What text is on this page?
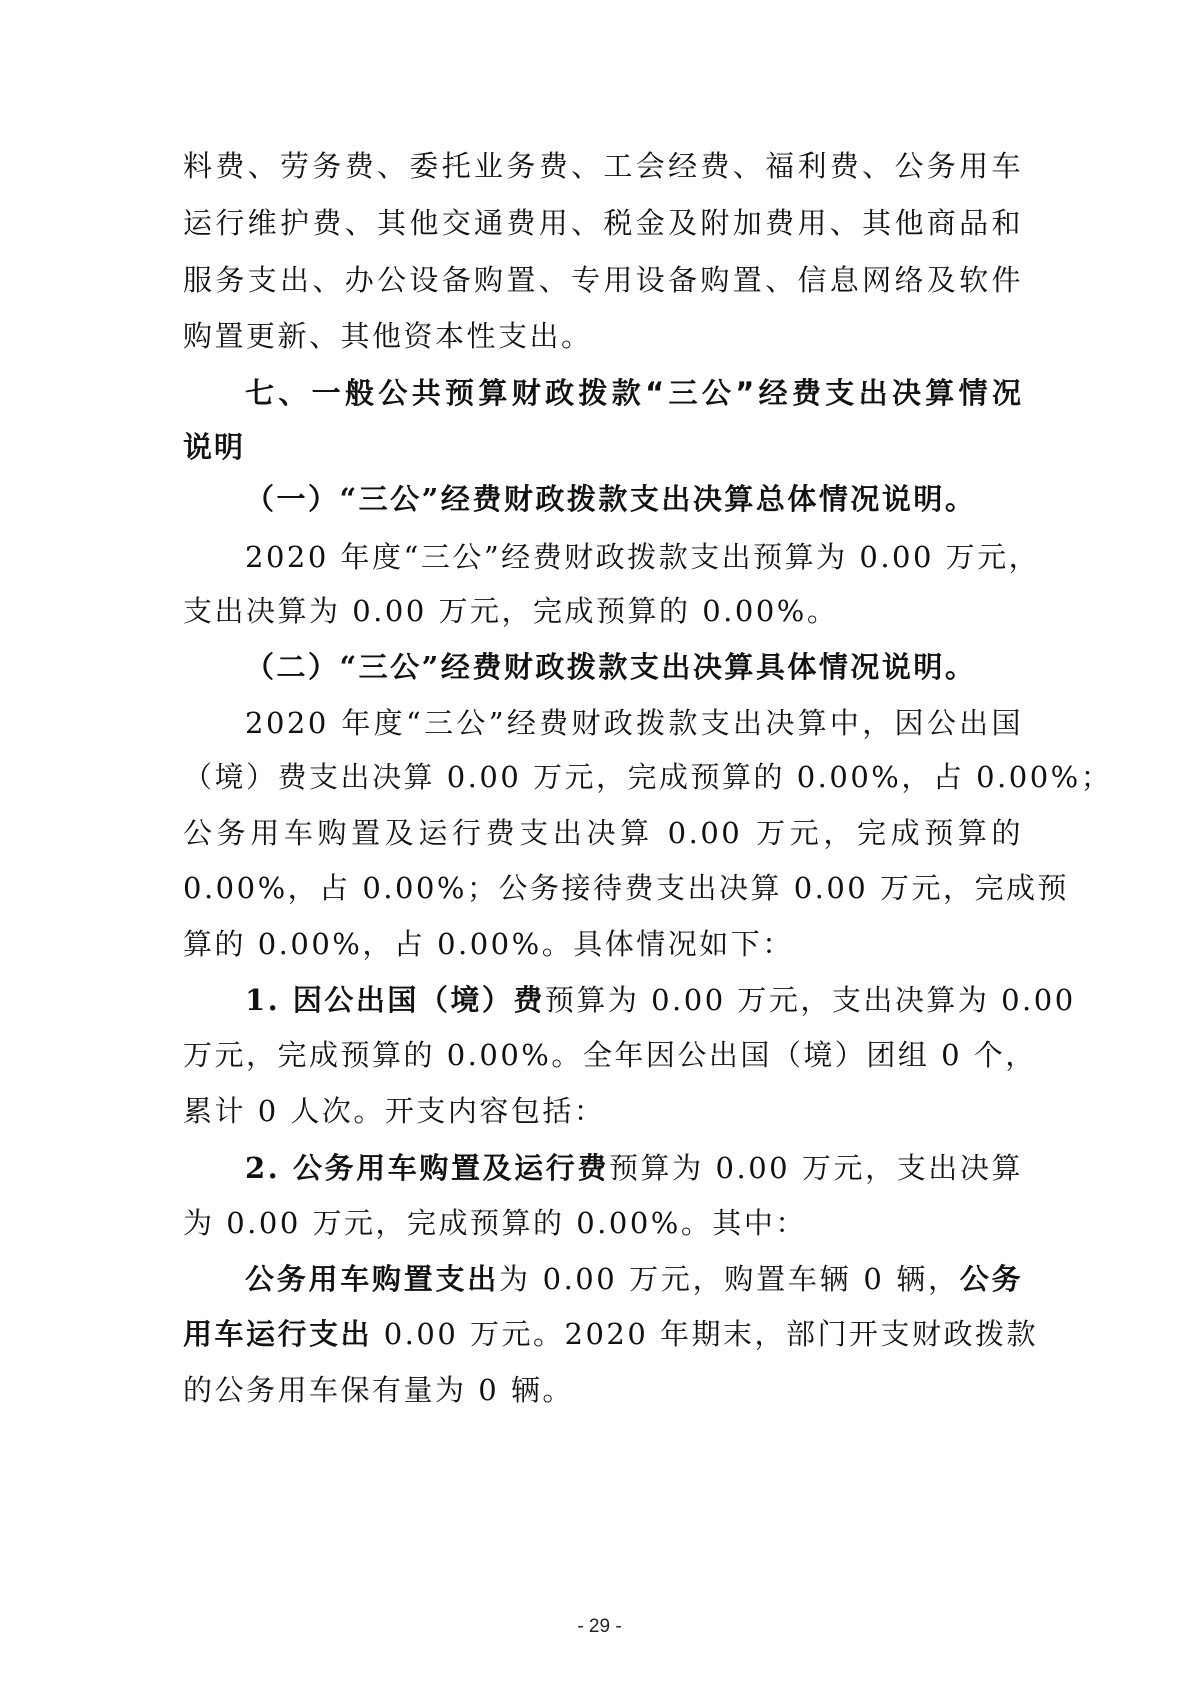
料费、劳务费、委托业务费、工会经费、福利费、公务用车
运行维护费、其他交通费用、税金及附加费用、其他商品和
服务支出、办公设备购置、专用设备购置、信息网络及软件
购置更新、其他资本性支出。
七、一般公共预算财政拨款“三公”经费支出决算情况
说明
（一）“三公”经费财政拨款支出决算总体情况说明。
2020 年度“三公”经费财政拨款支出预算为 0.00 万元，
支出决算为 0.00 万元，完成预算的 0.00%。
（二）“三公”经费财政拨款支出决算具体情况说明。
2020 年度“三公”经费财政拨款支出决算中，因公出国
（境）费支出决算 0.00 万元，完成预算的 0.00%，占 0.00%；
公务用车购置及运行费支出决算 0.00 万元，完成预算的
0.00%，占 0.00%；公务接待费支出决算 0.00 万元，完成预
算的 0.00%，占 0.00%。具体情况如下：
1. 因公出国（境）费预算为 0.00 万元，支出决算为 0.00
万元，完成预算的 0.00%。全年因公出国（境）团组 0 个，
累计 0 人次。开支内容包括：
2. 公务用车购置及运行费预算为 0.00 万元，支出决算
为 0.00 万元，完成预算的 0.00%。其中：
公务用车购置支出为 0.00 万元，购置车辆 0 辆，公务
用车运行支出 0.00 万元。2020 年期末，部门开支财政拨款
的公务用车保有量为 0 辆。
- 29 -
